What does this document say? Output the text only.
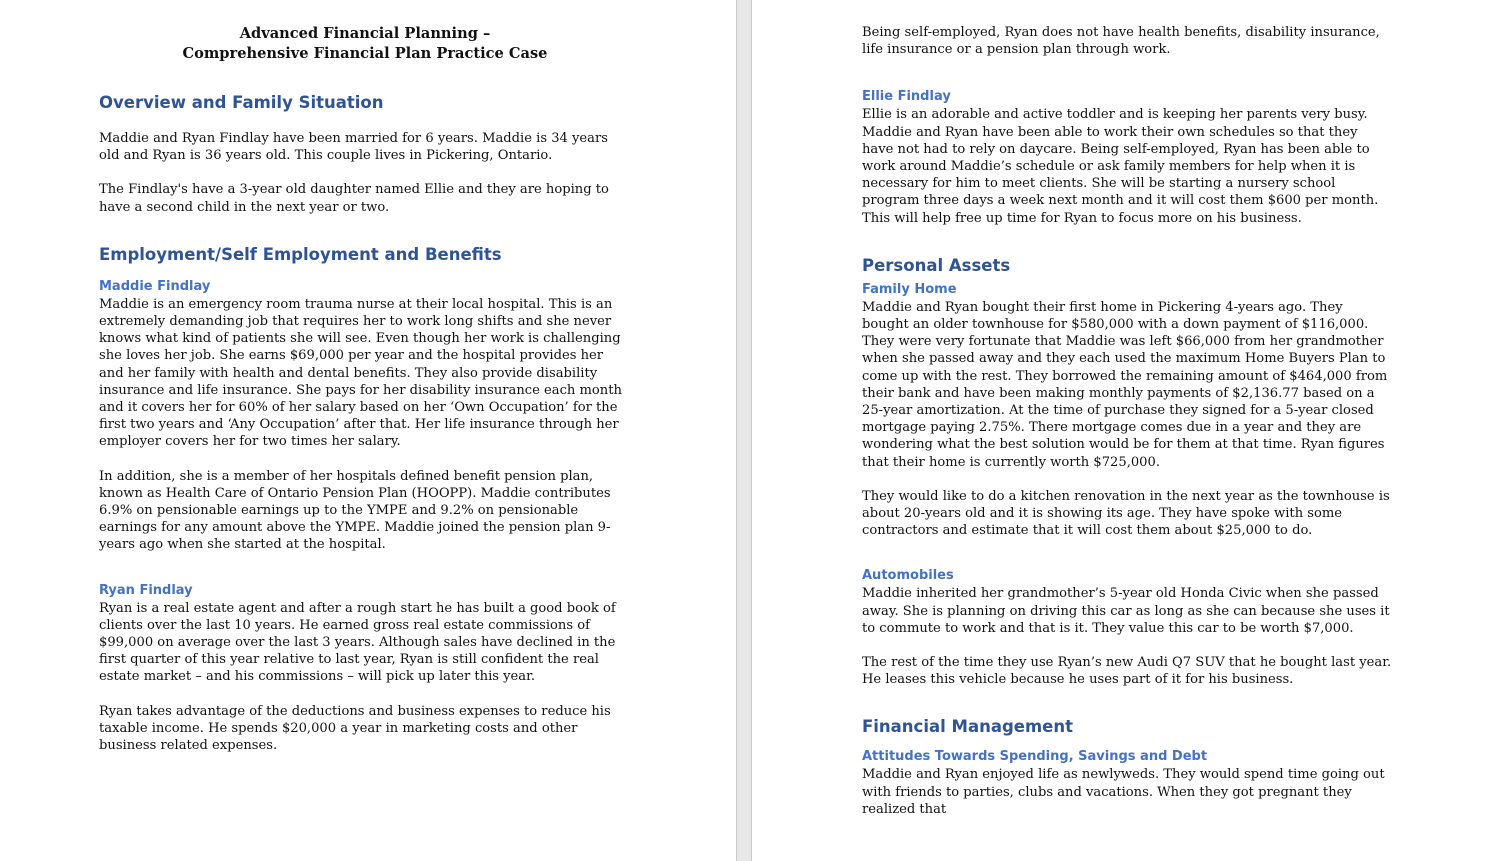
Advanced Financial Planning –
Comprehensive Financial Plan Practice Case
Overview and Family Situation

Maddie and Ryan Findlay have been married for 6 years. Maddie is 34 years old and Ryan is 36 years old. This couple lives in Pickering, Ontario.

The Findlay's have a 3-year old daughter named Ellie and they are hoping to have a second child in the next year or two.

Employment/Self Employment and Benefits
Maddie Findlay

Maddie is an emergency room trauma nurse at their local hospital. This is an extremely demanding job that requires her to work long shifts and she never knows what kind of patients she will see. Even though her work is challenging she loves her job. She earns $69,000 per year and the hospital provides her and her family with health and dental benefits. They also provide disability insurance and life insurance. She pays for her disability insurance each month and it covers her for 60% of her salary based on her ‘Own Occupation’ for the first two years and ‘Any Occupation’ after that. Her life insurance through her employer covers her for two times her salary.

In addition, she is a member of her hospitals defined benefit pension plan, known as Health Care of Ontario Pension Plan (HOOPP). Maddie contributes 6.9% on pensionable earnings up to the YMPE and 9.2% on pensionable earnings for any amount above the YMPE. Maddie joined the pension plan 9-years ago when she started at the hospital.

Ryan Findlay

Ryan is a real estate agent and after a rough start he has built a good book of clients over the last 10 years. He earned gross real estate commissions of $99,000 on average over the last 3 years. Although sales have declined in the first quarter of this year relative to last year, Ryan is still confident the real estate market – and his commissions – will pick up later this year.

Ryan takes advantage of the deductions and business expenses to reduce his taxable income. He spends $20,000 a year in marketing costs and other business related expenses.

Being self-employed, Ryan does not have health benefits, disability insurance, life insurance or a pension plan through work.

Ellie Findlay

Ellie is an adorable and active toddler and is keeping her parents very busy. Maddie and Ryan have been able to work their own schedules so that they have not had to rely on daycare. Being self-employed, Ryan has been able to work around Maddie’s schedule or ask family members for help when it is necessary for him to meet clients. She will be starting a nursery school program three days a week next month and it will cost them $600 per month. This will help free up time for Ryan to focus more on his business.

Personal Assets
Family Home

Maddie and Ryan bought their first home in Pickering 4-years ago. They bought an older townhouse for $580,000 with a down payment of $116,000. They were very fortunate that Maddie was left $66,000 from her grandmother when she passed away and they each used the maximum Home Buyers Plan to come up with the rest. They borrowed the remaining amount of $464,000 from their bank and have been making monthly payments of $2,136.77 based on a 25-year amortization. At the time of purchase they signed for a 5-year closed mortgage paying 2.75%. There mortgage comes due in a year and they are wondering what the best solution would be for them at that time. Ryan figures that their home is currently worth $725,000.

They would like to do a kitchen renovation in the next year as the townhouse is about 20-years old and it is showing its age. They have spoke with some contractors and estimate that it will cost them about $25,000 to do.

Automobiles

Maddie inherited her grandmother’s 5-year old Honda Civic when she passed away. She is planning on driving this car as long as she can because she uses it to commute to work and that is it. They value this car to be worth $7,000.

The rest of the time they use Ryan’s new Audi Q7 SUV that he bought last year. He leases this vehicle because he uses part of it for his business.

Financial Management
Attitudes Towards Spending, Savings and Debt

Maddie and Ryan enjoyed life as newlyweds. They would spend time going out with friends to parties, clubs and vacations. When they got pregnant they realized that
